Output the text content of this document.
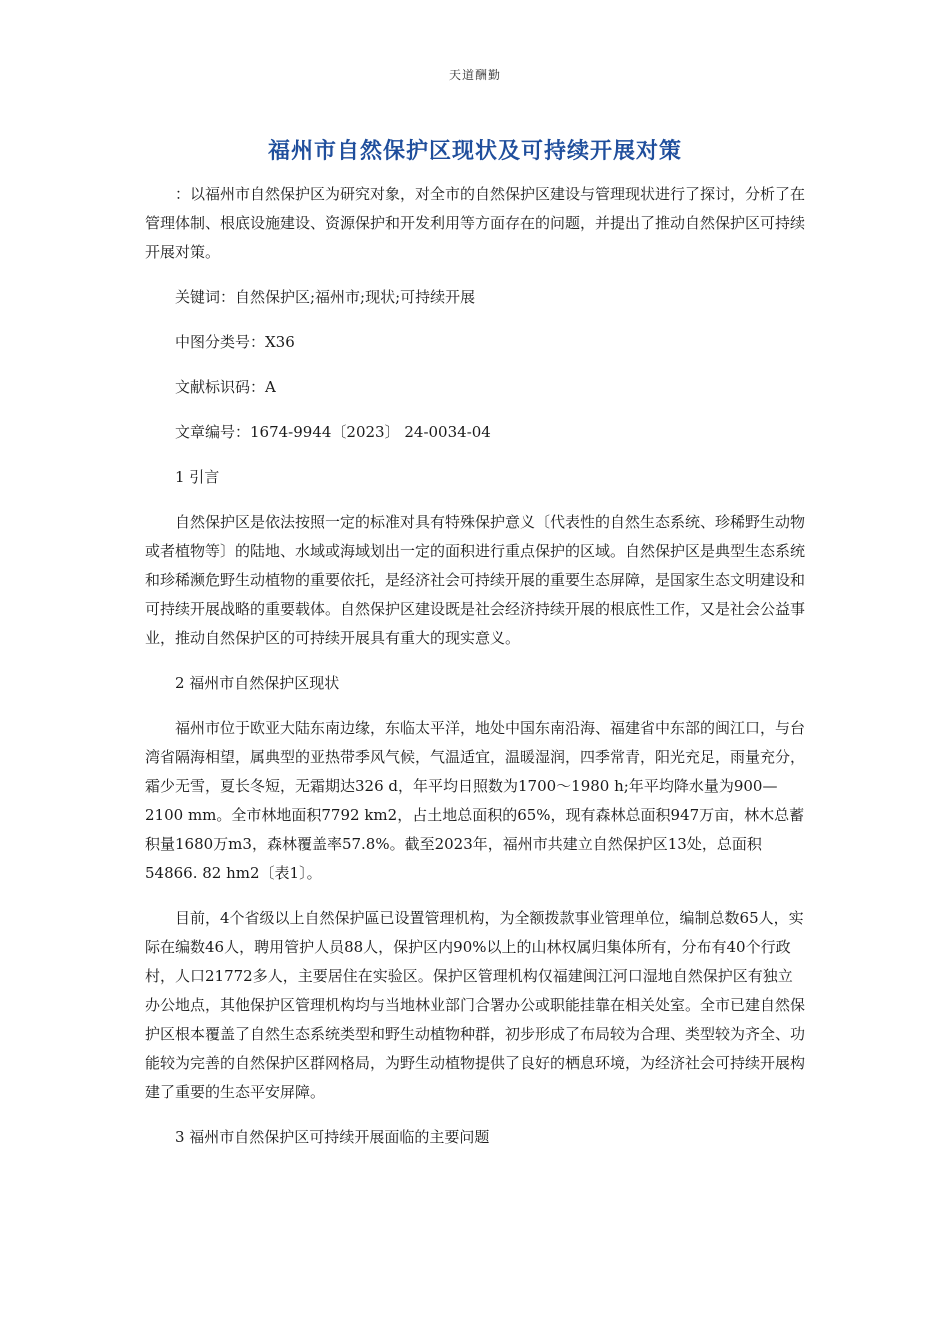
天道酬勤
福州市自然保护区现状及可持续开展对策

：以福州市自然保护区为研究对象，对全市的自然保护区建设与管理现状进行了探讨，分析了在管理体制、根底设施建设、资源保护和开发利用等方面存在的问题，并提出了推动自然保护区可持续开展对策。

关键词：自然保护区;福州市;现状;可持续开展

中图分类号：X36

文献标识码：A

文章编号：1674-9944〔2023〕 24-0034-04

1 引言

自然保护区是依法按照一定的标准对具有特殊保护意义〔代表性的自然生态系统、珍稀野生动物或者植物等〕的陆地、水域或海域划出一定的面积进行重点保护的区域。自然保护区是典型生态系统和珍稀濒危野生动植物的重要依托，是经济社会可持续开展的重要生态屏障，是国家生态文明建设和可持续开展战略的重要载体。自然保护区建设既是社会经济持续开展的根底性工作，又是社会公益事业，推动自然保护区的可持续开展具有重大的现实意义。

2 福州市自然保护区现状

福州市位于欧亚大陆东南边缘，东临太平洋，地处中国东南沿海、福建省中东部的闽江口，与台湾省隔海相望，属典型的亚热带季风气候，气温适宜，温暖湿润，四季常青，阳光充足，雨量充分，霜少无雪，夏长冬短，无霜期达326 d，年平均日照数为1700～1980 h;年平均降水量为900—2100 mm。全市林地面积7792 km2，占土地总面积的65%，现有森林总面积947万亩，林木总蓄积量1680万m3，森林覆盖率57.8%。截至2023年，福州市共建立自然保护区13处，总面积54866. 82 hm2〔表1〕。

目前，4个省级以上自然保护區已设置管理机构，为全额拨款事业管理单位，编制总数65人，实际在编数46人，聘用管护人员88人，保护区内90%以上的山林权属归集体所有，分布有40个行政村，人口21772多人，主要居住在实验区。保护区管理机构仅福建闽江河口湿地自然保护区有独立办公地点，其他保护区管理机构均与当地林业部门合署办公或职能挂靠在相关处室。全市已建自然保护区根本覆盖了自然生态系统类型和野生动植物种群，初步形成了布局较为合理、类型较为齐全、功能较为完善的自然保护区群网格局，为野生动植物提供了良好的栖息环境，为经济社会可持续开展构建了重要的生态平安屏障。

3 福州市自然保护区可持续开展面临的主要问题
